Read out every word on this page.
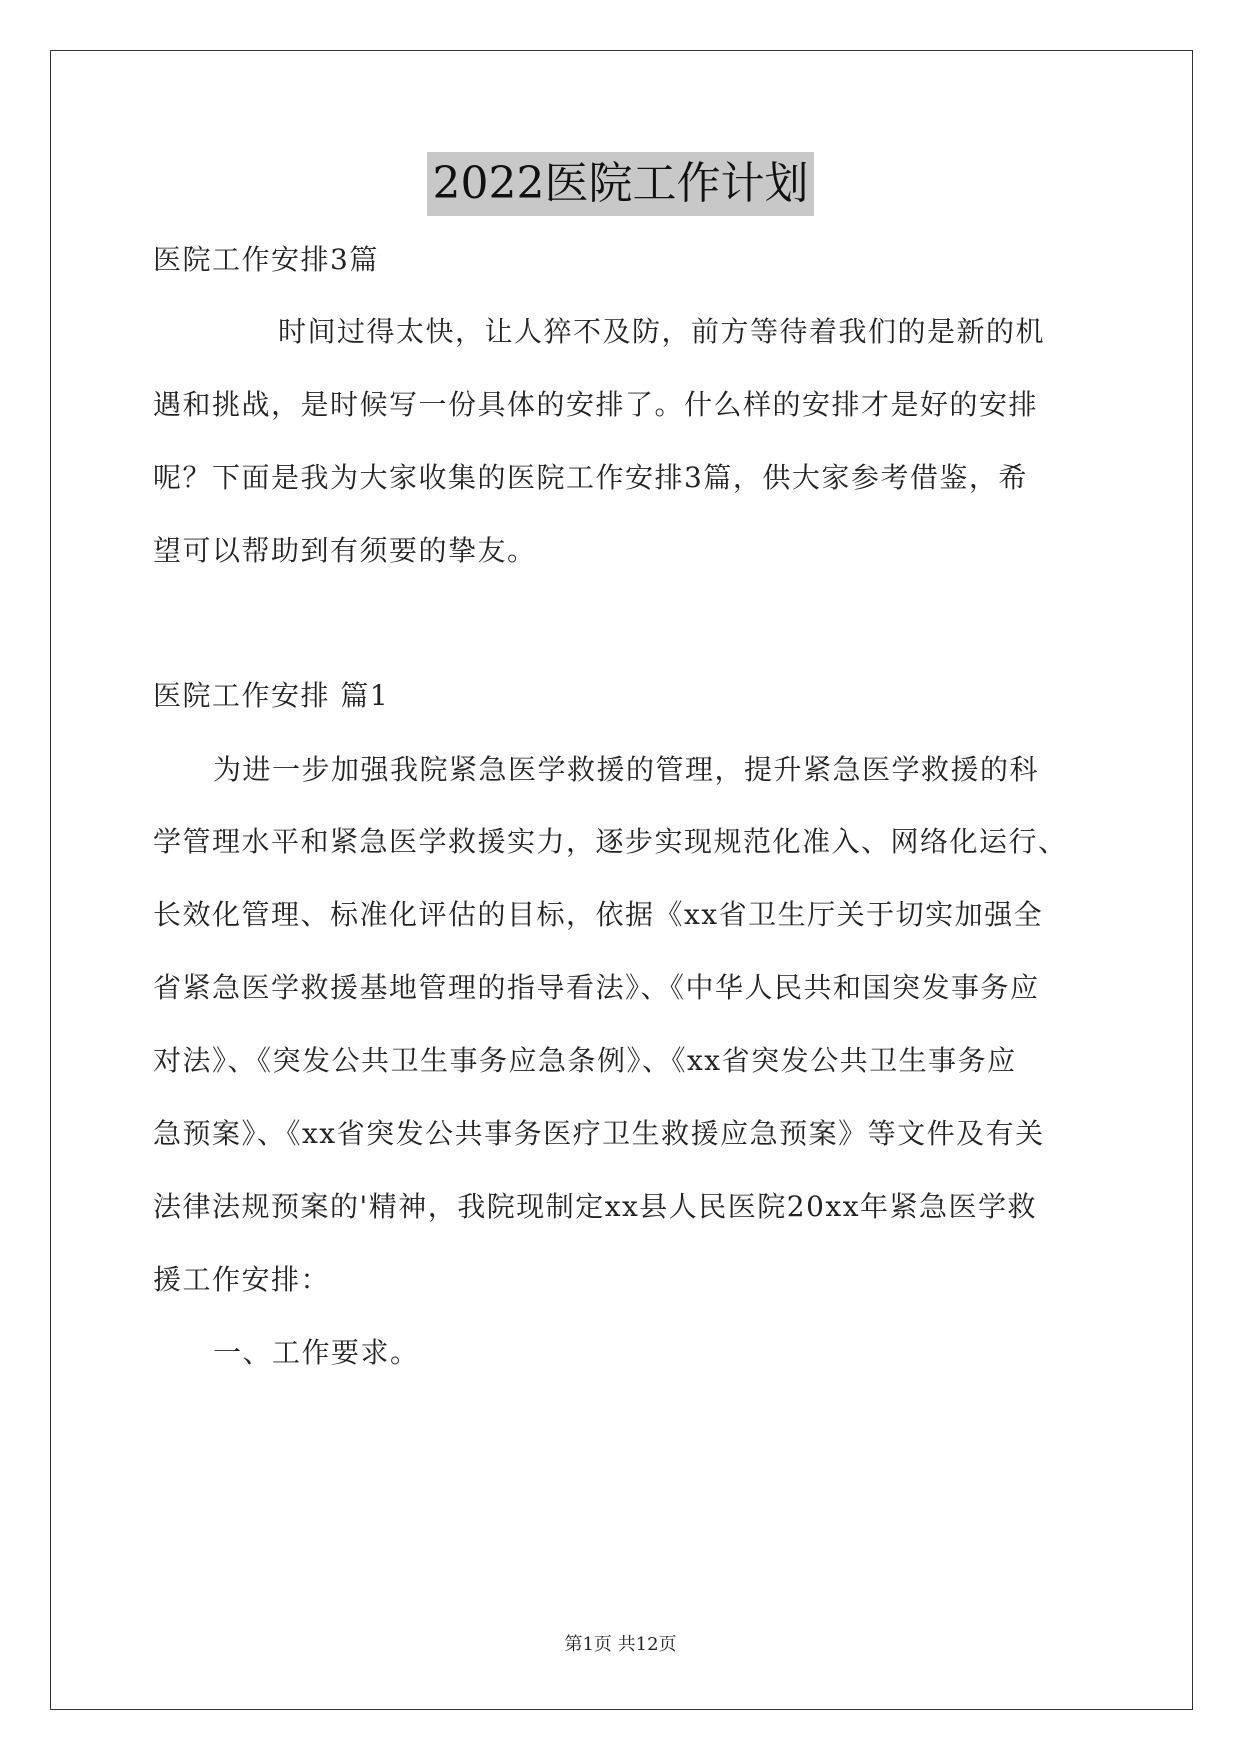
2022医院工作计划
医院工作安排3篇
时间过得太快，让人猝不及防，前方等待着我们的是新的机
遇和挑战，是时候写一份具体的安排了。什么样的安排才是好的安排
呢？下面是我为大家收集的医院工作安排3篇，供大家参考借鉴，希
望可以帮助到有须要的挚友。
医院工作安排 篇1
为进一步加强我院紧急医学救援的管理，提升紧急医学救援的科
学管理水平和紧急医学救援实力，逐步实现规范化准入、网络化运行、
长效化管理、标准化评估的目标，依据《xx省卫生厅关于切实加强全
省紧急医学救援基地管理的指导看法》、《中华人民共和国突发事务应
对法》、《突发公共卫生事务应急条例》、《xx省突发公共卫生事务应
急预案》、《xx省突发公共事务医疗卫生救援应急预案》等文件及有关
法律法规预案的'精神，我院现制定xx县人民医院20xx年紧急医学救
援工作安排：
一、工作要求。
第1页 共12页
